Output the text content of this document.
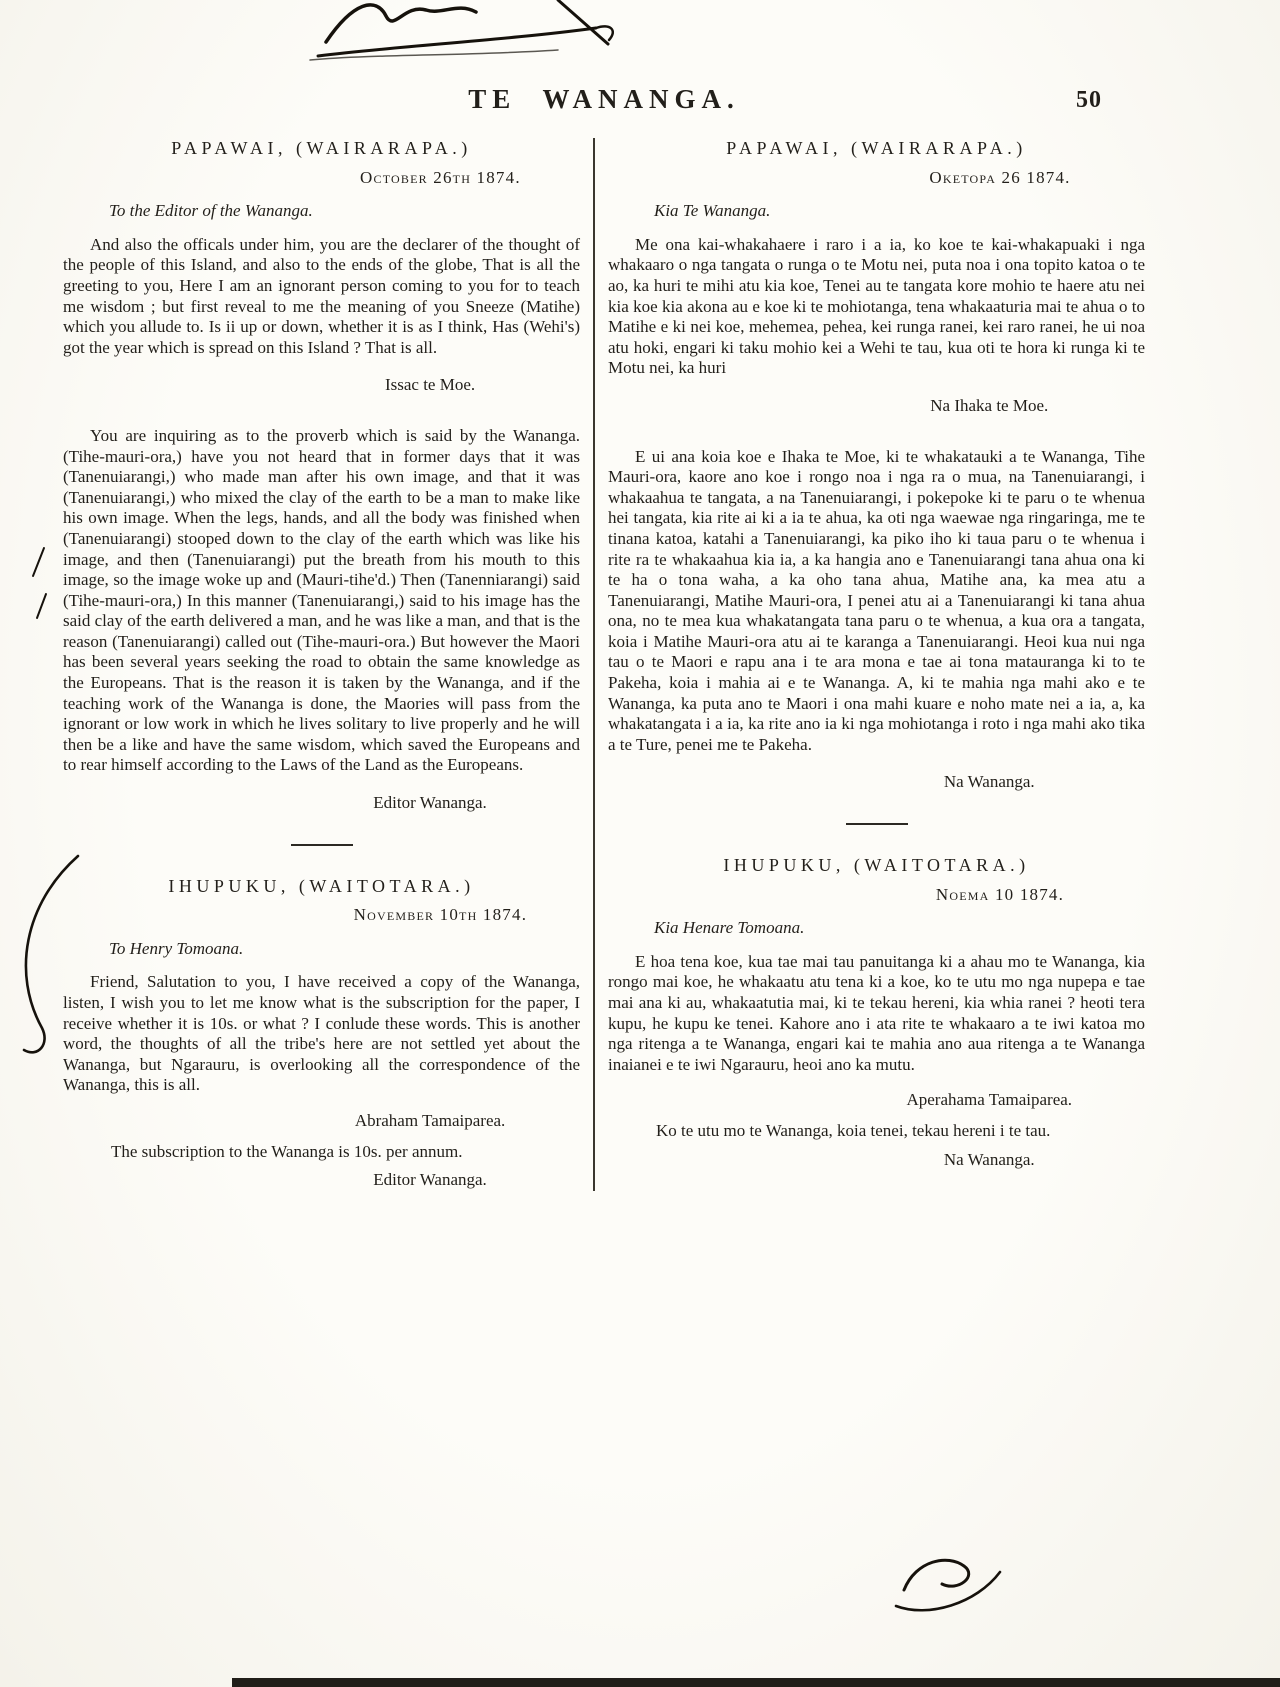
TE WANANGA.	50
PAPAWAI, (WAIRARAPA.)
October 26th 1874.
To the Editor of the Wananga.

And also the officals under him, you are the declarer of the thought of the people of this Island, and also to the ends of the globe, That is all the greeting to you, Here I am an ignorant person coming to you for to teach me wisdom ; but first reveal to me the meaning of you Sneeze (Matihe) which you allude to. Is ii up or down, whether it is as I think, Has (Wehi's) got the year which is spread on this Island ? That is all.

Issac te Moe.

You are inquiring as to the proverb which is said by the Wananga. (Tihe-mauri-ora,) have you not heard that in former days that it was (Tanenuiarangi,) who made man after his own image, and that it was (Tanenuiarangi,) who mixed the clay of the earth to be a man to make like his own image. When the legs, hands, and all the body was finished when (Tanenuiarangi) stooped down to the clay of the earth which was like his image, and then (Tanenuiarangi) put the breath from his mouth to this image, so the image woke up and (Mauri-tihe'd.) Then (Tanenniarangi) said (Tihe-mauri-ora,) In this manner (Tanenuiarangi,) said to his image has the said clay of the earth delivered a man, and he was like a man, and that is the reason (Tanenuiarangi) called out (Tihe-mauri-ora.) But however the Maori has been several years seeking the road to obtain the same knowledge as the Europeans. That is the reason it is taken by the Wananga, and if the teaching work of the Wananga is done, the Maories will pass from the ignorant or low work in which he lives solitary to live properly and he will then be a like and have the same wisdom, which saved the Europeans and to rear himself according to the Laws of the Land as the Europeans.

Editor Wananga.
IHUPUKU, (WAITOTARA.)
November 10th 1874.
To Henry Tomoana.

Friend, Salutation to you, I have received a copy of the Wananga, listen, I wish you to let me know what is the subscription for the paper, I receive whether it is 10s. or what ? I conlude these words. This is another word, the thoughts of all the tribe's here are not settled yet about the Wananga, but Ngarauru, is overlooking all the correspondence of the Wananga, this is all.

Abraham Tamaiparea.

The subscription to the Wananga is 10s. per annum.

Editor Wananga.
PAPAWAI, (WAIRARAPA.)
Oketopa 26 1874.
Kia Te Wananga.

Me ona kai-whakahaere i raro i a ia, ko koe te kai-whakapuaki i nga whakaaro o nga tangata o runga o te Motu nei, puta noa i ona topito katoa o te ao, ka huri te mihi atu kia koe, Tenei au te tangata kore mohio te haere atu nei kia koe kia akona au e koe ki te mohiotanga, tena whakaaturia mai te ahua o to Matihe e ki nei koe, mehemea, pehea, kei runga ranei, kei raro ranei, he ui noa atu hoki, engari ki taku mohio kei a Wehi te tau, kua oti te hora ki runga ki te Motu nei, ka huri

Na Ihaka te Moe.

E ui ana koia koe e Ihaka te Moe, ki te whakatauki a te Wananga, Tihe Mauri-ora, kaore ano koe i rongo noa i nga ra o mua, na Tanenuiarangi, i whakaahua te tangata, a na Tanenuiarangi, i pokepoke ki te paru o te whenua hei tangata, kia rite ai ki a ia te ahua, ka oti nga waewae nga ringaringa, me te tinana katoa, katahi a Tanenuiarangi, ka piko iho ki taua paru o te whenua i rite ra te whakaahua kia ia, a ka hangia ano e Tanenuiarangi tana ahua ona ki te ha o tona waha, a ka oho tana ahua, Matihe ana, ka mea atu a Tanenuiarangi, Matihe Mauri-ora, I penei atu ai a Tanenuiarangi ki tana ahua ona, no te mea kua whakatangata tana paru o te whenua, a kua ora a tangata, koia i Matihe Mauri-ora atu ai te karanga a Tanenuiarangi. Heoi kua nui nga tau o te Maori e rapu ana i te ara mona e tae ai tona matauranga ki to te Pakeha, koia i mahia ai e te Wananga. A, ki te mahia nga mahi ako e te Wananga, ka puta ano te Maori i ona mahi kuare e noho mate nei a ia, a, ka whakatangata i a ia, ka rite ano ia ki nga mohiotanga i roto i nga mahi ako tika a te Ture, penei me te Pakeha.

Na Wananga.
IHUPUKU, (WAITOTARA.)
Noema 10 1874.
Kia Henare Tomoana.

E hoa tena koe, kua tae mai tau panuitanga ki a ahau mo te Wananga, kia rongo mai koe, he whakaatu atu tena ki a koe, ko te utu mo nga nupepa e tae mai ana ki au, whakaatutia mai, ki te tekau hereni, kia whia ranei ? heoti tera kupu, he kupu ke tenei. Kahore ano i ata rite te whakaaro a te iwi katoa mo nga ritenga a te Wananga, engari kai te mahia ano aua ritenga a te Wananga inaianei e te iwi Ngarauru, heoi ano ka mutu.

Aperahama Tamaiparea.

Ko te utu mo te Wananga, koia tenei, tekau hereni i te tau.

Na Wananga.
